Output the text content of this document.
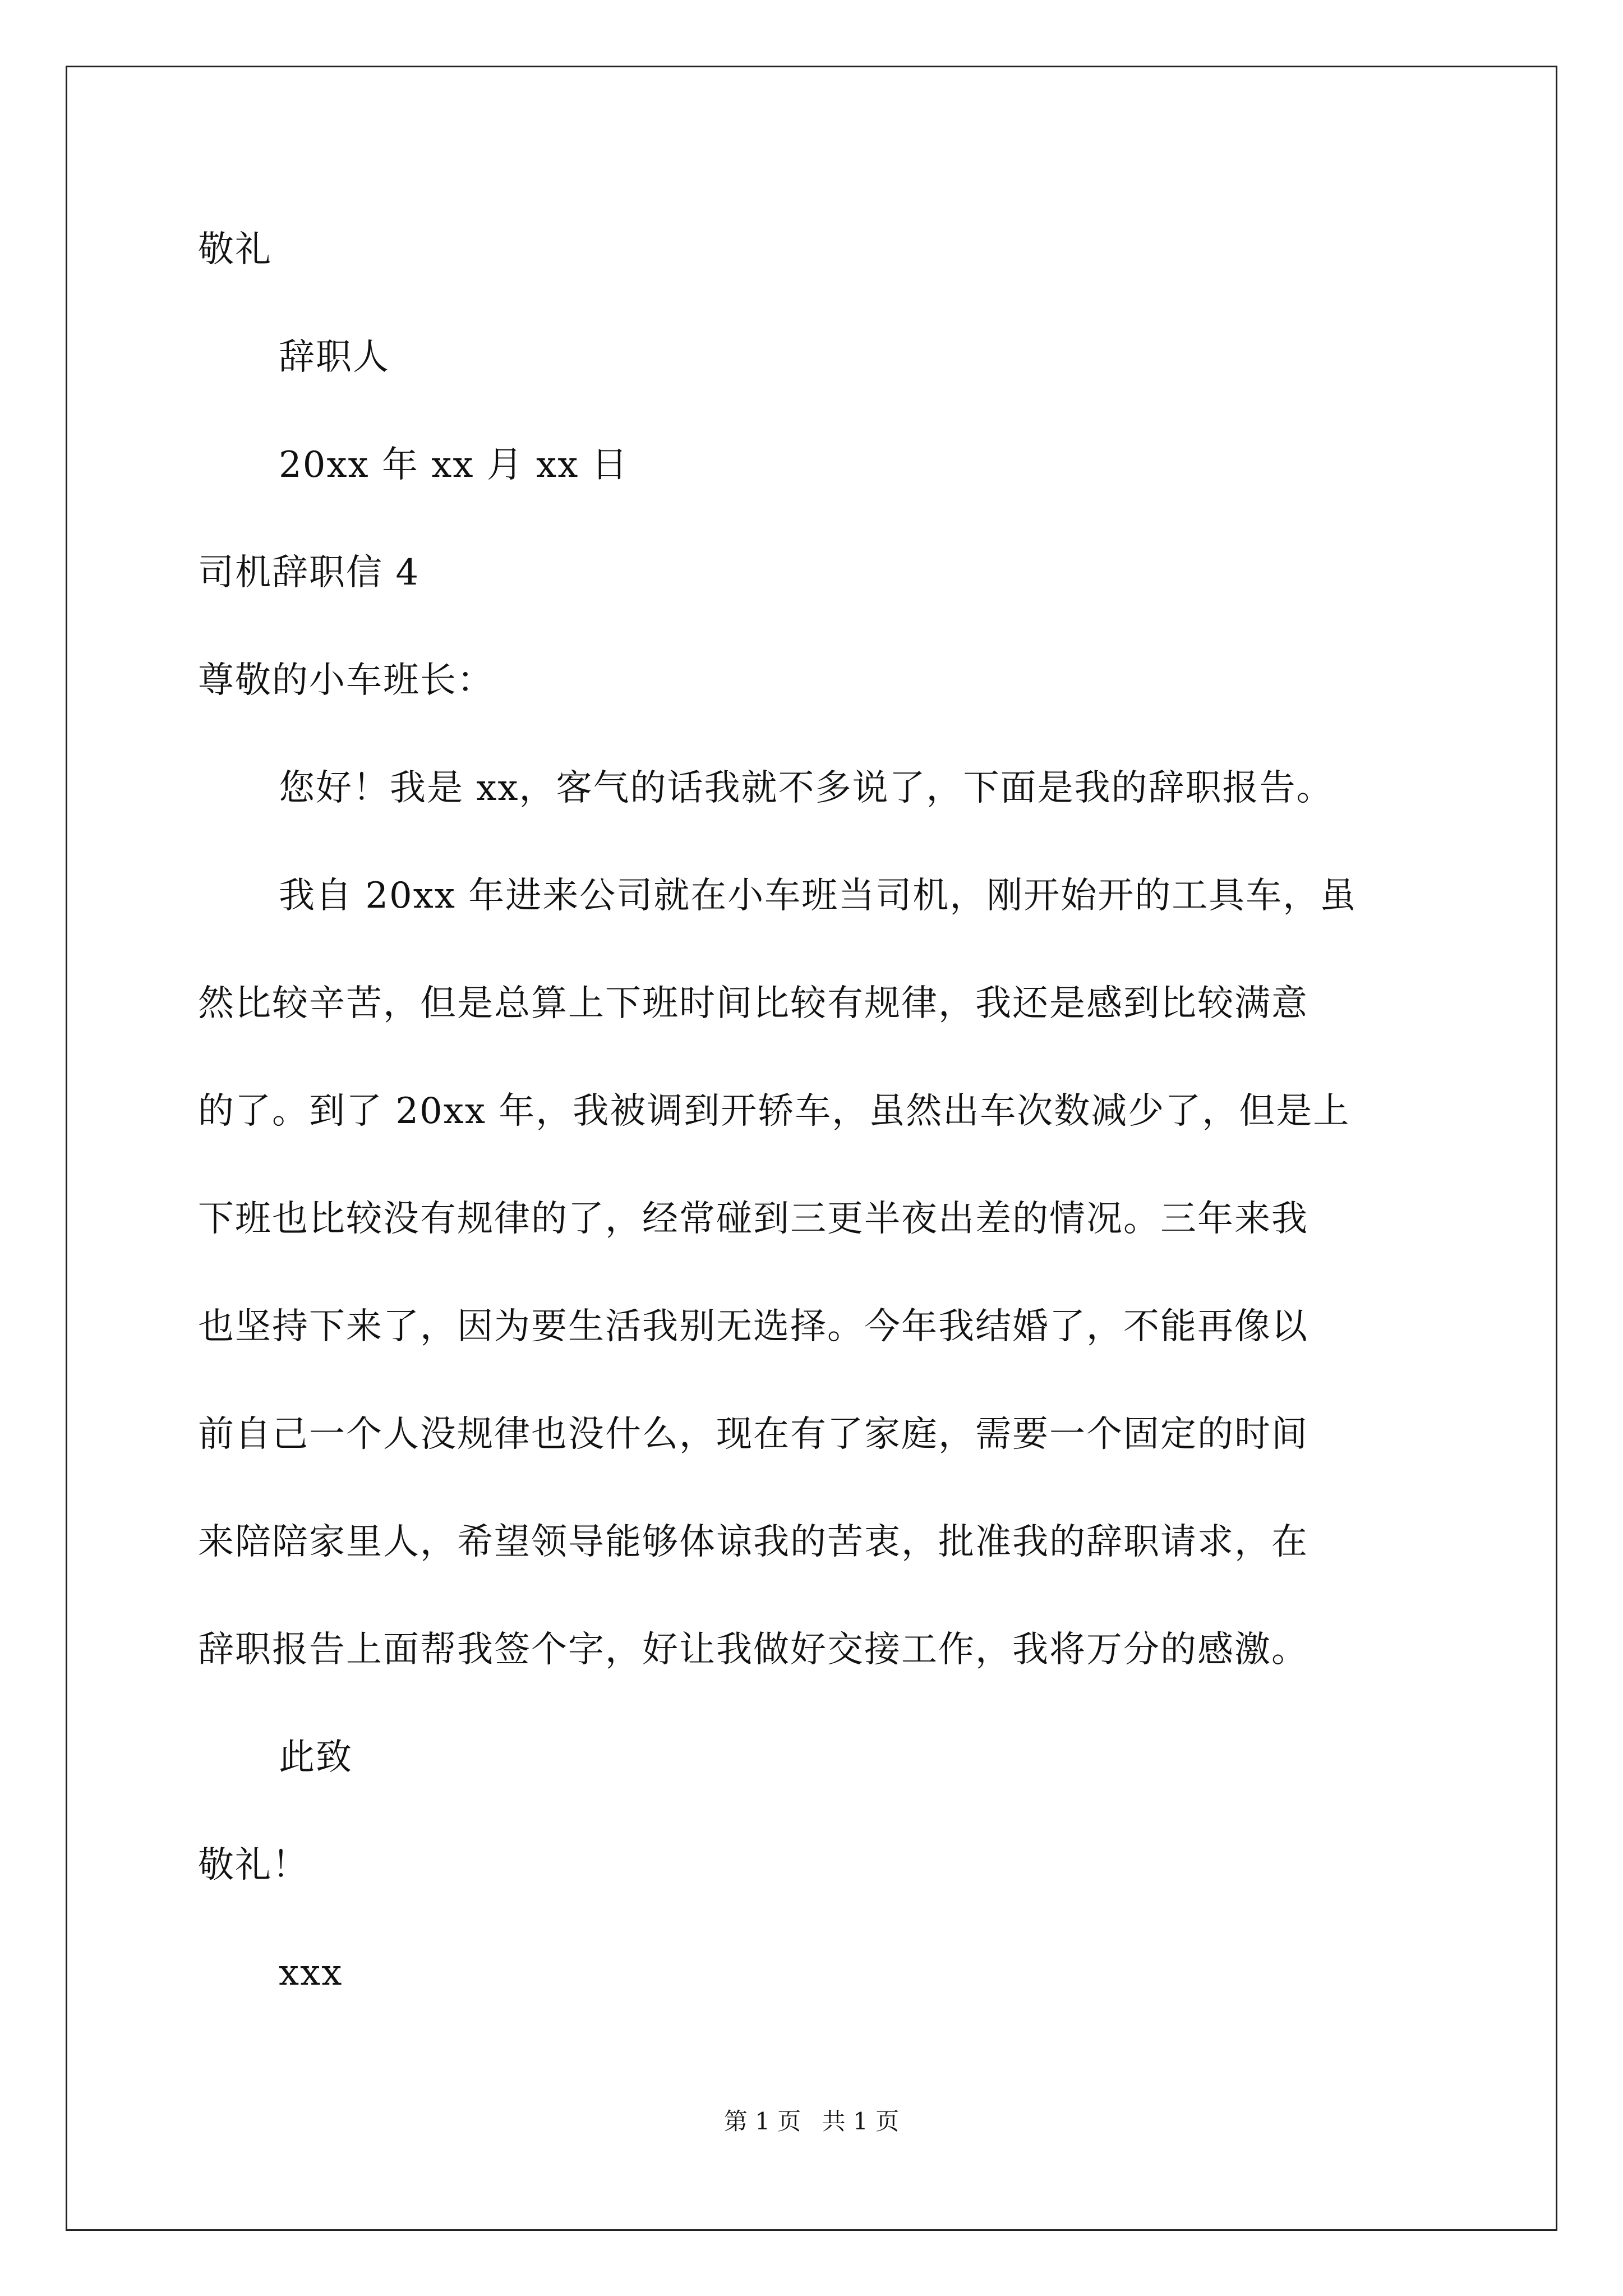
敬礼
辞职人
20xx 年 xx 月 xx 日
司机辞职信 4
尊敬的小车班长：
您好！我是 xx，客气的话我就不多说了，下面是我的辞职报告。
我自 20xx 年进来公司就在小车班当司机，刚开始开的工具车，虽
然比较辛苦，但是总算上下班时间比较有规律，我还是感到比较满意
的了。到了 20xx 年，我被调到开轿车，虽然出车次数减少了，但是上
下班也比较没有规律的了，经常碰到三更半夜出差的情况。三年来我
也坚持下来了，因为要生活我别无选择。今年我结婚了，不能再像以
前自己一个人没规律也没什么，现在有了家庭，需要一个固定的时间
来陪陪家里人，希望领导能够体谅我的苦衷，批准我的辞职请求，在
辞职报告上面帮我签个字，好让我做好交接工作，我将万分的感激。
此致
敬礼！
xxx
第 1 页 共 1 页
